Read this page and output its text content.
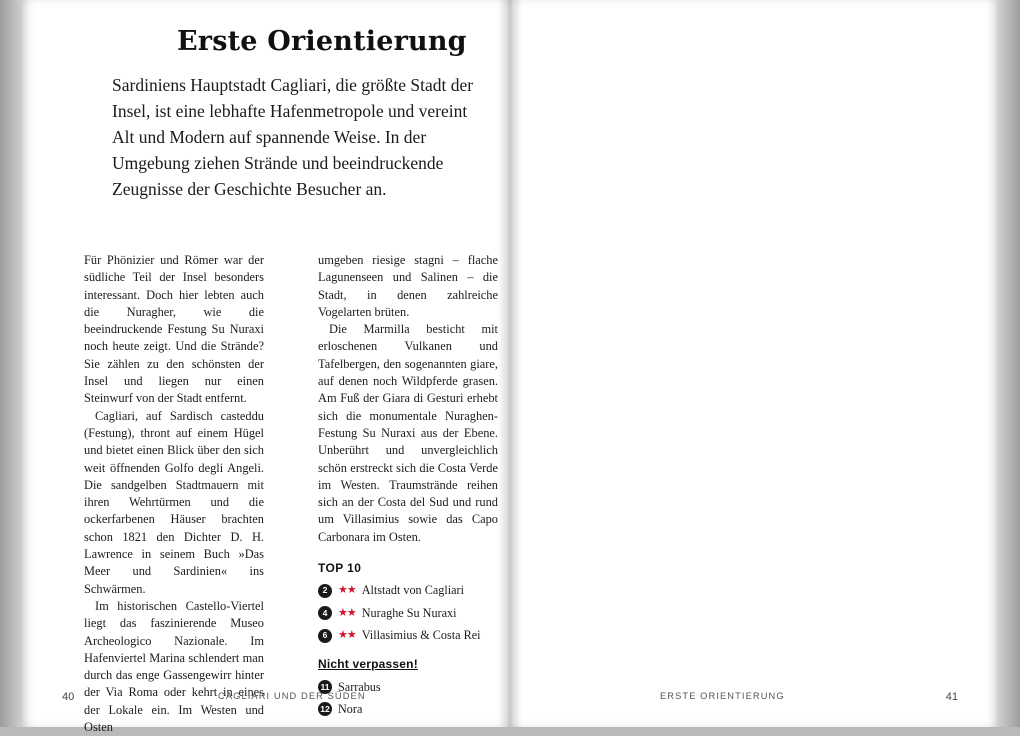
Erste Orientierung
Sardiniens Hauptstadt Cagliari, die größte Stadt der Insel, ist eine lebhafte Hafenmetropole und vereint Alt und Modern auf spannende Weise. In der Umgebung ziehen Strände und beeindruckende Zeugnisse der Geschichte Besucher an.

Für Phönizier und Römer war der südliche Teil der Insel besonders interessant. Doch hier lebten auch die Nuragher, wie die beeindruckende Festung Su Nuraxi noch heute zeigt. Und die Strände? Sie zählen zu den schönsten der Insel und liegen nur einen Steinwurf von der Stadt entfernt.

Cagliari, auf Sardisch casteddu (Festung), thront auf einem Hügel und bietet einen Blick über den sich weit öffnenden Golfo degli Angeli. Die sandgelben Stadtmauern mit ihren Wehrtürmen und die ockerfarbenen Häuser brachten schon 1821 den Dichter D. H. Lawrence in seinem Buch »Das Meer und Sardinien« ins Schwärmen.

Im historischen Castello-Viertel liegt das faszinierende Museo Archeologico Nazionale. Im Hafenviertel Marina schlendert man durch das enge Gassengewirr hinter der Via Roma oder kehrt in eines der Lokale ein. Im Westen und Osten

umgeben riesige stagni – flache Lagunenseen und Salinen – die Stadt, in denen zahlreiche Vogelarten brüten.

Die Marmilla besticht mit erloschenen Vulkanen und Tafelbergen, den sogenannten giare, auf denen noch Wildpferde grasen. Am Fuß der Giara di Gesturi erhebt sich die monumentale Nuraghen-Festung Su Nuraxi aus der Ebene. Unberührt und unvergleichlich schön erstreckt sich die Costa Verde im Westen. Traumstrände reihen sich an der Costa del Sud und rund um Villasimius sowie das Capo Carbonara im Osten.

TOP 10
2 ★★ Altstadt von Cagliari
4 ★★ Nuraghe Su Nuraxi
6 ★★ Villasimius & Costa Rei
Nicht verpassen!
11 Sarrabus
12 Nora
40	CAGLIARI UND DER SÜDEN	ERSTE ORIENTIERUNG	41
